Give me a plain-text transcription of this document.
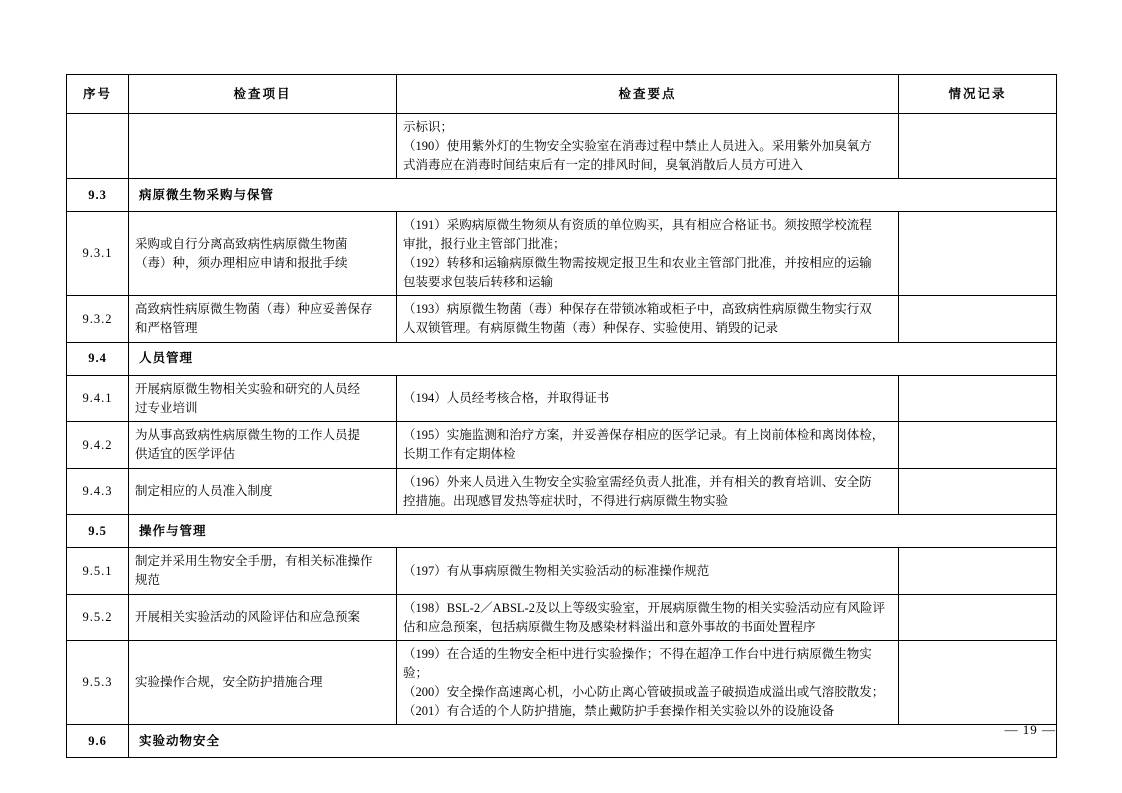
序号	检查项目	检查要点	情况记录

		示标识；
（190）使用紫外灯的生物安全实验室在消毒过程中禁止人员进入。采用紫外加臭氧方
式消毒应在消毒时间结束后有一定的排风时间，臭氧消散后人员方可进入	

9.3	病原微生物采购与保管		
9.3.1	采购或自行分离高致病性病原微生物菌
（毒）种，须办理相应申请和报批手续	（191）采购病原微生物须从有资质的单位购买，具有相应合格证书。须按照学校流程
审批，报行业主管部门批准；
（192）转移和运输病原微生物需按规定报卫生和农业主管部门批准，并按相应的运输
包装要求包装后转移和运输	

9.3.2	高致病性病原微生物菌（毒）种应妥善保存
和严格管理	（193）病原微生物菌（毒）种保存在带锁冰箱或柜子中，高致病性病原微生物实行双
人双锁管理。有病原微生物菌（毒）种保存、实验使用、销毁的记录	

9.4	人员管理		
9.4.1	开展病原微生物相关实验和研究的人员经
过专业培训	（194）人员经考核合格，并取得证书	

9.4.2	为从事高致病性病原微生物的工作人员提
供适宜的医学评估	（195）实施监测和治疗方案，并妥善保存相应的医学记录。有上岗前体检和离岗体检，
长期工作有定期体检	

9.4.3	制定相应的人员准入制度	（196）外来人员进入生物安全实验室需经负责人批准，并有相关的教育培训、安全防
控措施。出现感冒发热等症状时，不得进行病原微生物实验	

9.5	操作与管理		
9.5.1	制定并采用生物安全手册，有相关标准操作
规范	（197）有从事病原微生物相关实验活动的标准操作规范	

9.5.2	开展相关实验活动的风险评估和应急预案	（198）BSL-2／ABSL-2及以上等级实验室，开展病原微生物的相关实验活动应有风险评
估和应急预案，包括病原微生物及感染材料溢出和意外事故的书面处置程序	

9.5.3	实验操作合规，安全防护措施合理	（199）在合适的生物安全柜中进行实验操作；不得在超净工作台中进行病原微生物实
验；
（200）安全操作高速离心机，小心防止离心管破损或盖子破损造成溢出或气溶胶散发；
（201）有合适的个人防护措施，禁止戴防护手套操作相关实验以外的设施设备	

9.6	实验动物安全		
— 19 —
